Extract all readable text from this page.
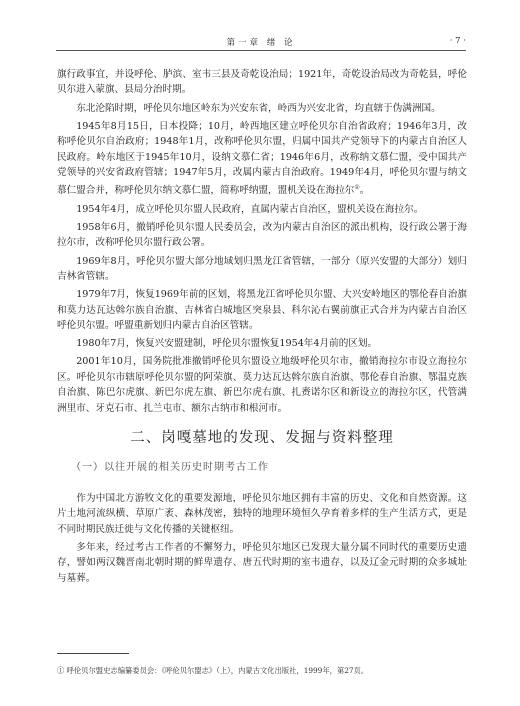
第一章 绪 论	· 7 ·

旗行政事宜，并设呼伦、胪滨、室韦三县及奇乾设治局；1921年，奇乾设治局改为奇乾县，呼伦贝尔进入蒙旗、县局分治时期。

东北沦陷时期，呼伦贝尔地区岭东为兴安东省，岭西为兴安北省，均直辖于伪满洲国。

1945年8月15日，日本投降；10月，岭西地区建立呼伦贝尔自治省政府；1946年3月，改称呼伦贝尔自治政府；1948年1月，改称呼伦贝尔盟，归属中国共产党领导下的内蒙古自治区人民政府。岭东地区于1945年10月，设纳文慕仁省；1946年6月，改称纳文慕仁盟，受中国共产党领导的兴安省政府管辖；1947年5月，改属内蒙古自治政府。1949年4月，呼伦贝尔盟与纳文慕仁盟合并，称呼伦贝尔纳文慕仁盟，简称呼纳盟，盟机关设在海拉尔①。

1954年4月，成立呼伦贝尔盟人民政府，直属内蒙古自治区，盟机关设在海拉尔。

1958年6月，撤销呼伦贝尔盟人民委员会，改为内蒙古自治区的派出机构，设行政公署于海拉尔市，改称呼伦贝尔盟行政公署。

1969年8月，呼伦贝尔盟大部分地域划归黑龙江省管辖，一部分（原兴安盟的大部分）划归吉林省管辖。

1979年7月，恢复1969年前的区划，将黑龙江省呼伦贝尔盟、大兴安岭地区的鄂伦春自治旗和莫力达瓦达斡尔族自治旗、吉林省白城地区突泉县、科尔沁右翼前旗正式合并为内蒙古自治区呼伦贝尔盟。呼盟重新划归内蒙古自治区管辖。

1980年7月，恢复兴安盟建制，呼伦贝尔盟恢复1954年4月前的区划。

2001年10月，国务院批准撤销呼伦贝尔盟设立地级呼伦贝尔市，撤销海拉尔市设立海拉尔区。呼伦贝尔市辖原呼伦贝尔盟的阿荣旗、莫力达瓦达斡尔族自治旗、鄂伦春自治旗、鄂温克族自治旗、陈巴尔虎旗、新巴尔虎左旗、新巴尔虎右旗、扎赉诺尔区和新设立的海拉尔区，代管满洲里市、牙克石市、扎兰屯市、额尔古纳市和根河市。

二、岗嘎墓地的发现、发掘与资料整理
（一）以往开展的相关历史时期考古工作

作为中国北方游牧文化的重要发源地，呼伦贝尔地区拥有丰富的历史、文化和自然资源。这片土地河流纵横、草原广袤、森林茂密，独特的地理环境恒久孕育着多样的生产生活方式，更是不同时期民族迁徙与文化传播的关键枢纽。

多年来，经过考古工作者的不懈努力，呼伦贝尔地区已发现大量分属不同时代的重要历史遗存，譬如两汉魏晋南北朝时期的鲜卑遗存、唐五代时期的室韦遗存，以及辽金元时期的众多城址与墓葬。

① 呼伦贝尔盟史志编纂委员会：《呼伦贝尔盟志》（上），内蒙古文化出版社，1999年，第27页。
